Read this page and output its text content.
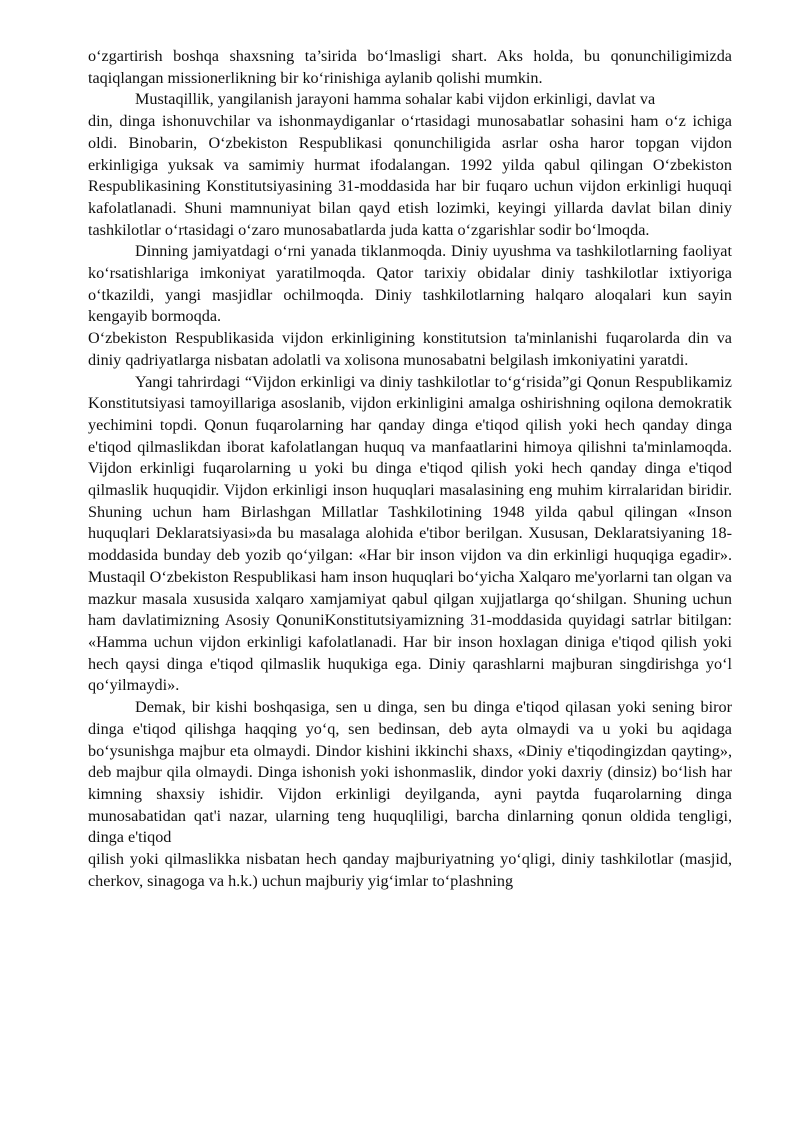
o‘zgartirish boshqa shaxsning ta’sirida bo‘lmasligi shart. Aks holda, bu qonunchiligimizda taqiqlangan missionerlikning bir ko‘rinishiga aylanib qolishi mumkin.

Mustaqillik, yangilanish jarayoni hamma sohalar kabi vijdon erkinligi, davlat va

din, dinga ishonuvchilar va ishonmaydiganlar o‘rtasidagi munosabatlar sohasini ham o‘z ichiga oldi. Binobarin, O‘zbekiston Respublikasi qonunchiligida asrlar osha haror topgan vijdon erkinligiga yuksak va samimiy hurmat ifodalangan. 1992 yilda qabul qilingan O‘zbekiston Respublikasining Konstitutsiyasining 31-moddasida har bir fuqaro uchun vijdon erkinligi huquqi kafolatlanadi. Shuni mamnuniyat bilan qayd etish lozimki, keyingi yillarda davlat bilan diniy tashkilotlar o‘rtasidagi o‘zaro munosabatlarda juda katta o‘zgarishlar sodir bo‘lmoqda.

Dinning jamiyatdagi o‘rni yanada tiklanmoqda. Diniy uyushma va tashkilotlarning faoliyat ko‘rsatishlariga imkoniyat yaratilmoqda. Qator tarixiy obidalar diniy tashkilotlar ixtiyoriga o‘tkazildi, yangi masjidlar ochilmoqda. Diniy tashkilotlarning halqaro aloqalari kun sayin kengayib bormoqda.

O‘zbekiston Respublikasida vijdon erkinligining konstitutsion ta'minlanishi fuqarolarda din va diniy qadriyatlarga nisbatan adolatli va xolisona munosabatni belgilash imkoniyatini yaratdi.

Yangi tahrirdagi “Vijdon erkinligi va diniy tashkilotlar to‘g‘risida”gi Qonun Respublikamiz Konstitutsiyasi tamoyillariga asoslanib, vijdon erkinligini amalga oshirishning oqilona demokratik yechimini topdi. Qonun fuqarolarning har qanday dinga e'tiqod qilish yoki hech qanday dinga e'tiqod qilmaslikdan iborat kafolatlangan huquq va manfaatlarini himoya qilishni ta'minlamoqda. Vijdon erkinligi fuqarolarning u yoki bu dinga e'tiqod qilish yoki hech qanday dinga e'tiqod qilmaslik huquqidir. Vijdon erkinligi inson huquqlari masalasining eng muhim kirralaridan biridir. Shuning uchun ham Birlashgan Millatlar Tashkilotining 1948 yilda qabul qilingan «Inson huquqlari Deklaratsiyasi»da bu masalaga alohida e'tibor berilgan. Xususan, Deklaratsiyaning 18-moddasida bunday deb yozib qo‘yilgan: «Har bir inson vijdon va din erkinligi huquqiga egadir». Mustaqil O‘zbekiston Respublikasi ham inson huquqlari bo‘yicha Xalqaro me'yorlarni tan olgan va mazkur masala xususida xalqaro xamjamiyat qabul qilgan xujjatlarga qo‘shilgan. Shuning uchun ham davlatimizning Asosiy QonuniKonstitutsiyamizning 31-moddasida quyidagi satrlar bitilgan: «Hamma uchun vijdon erkinligi kafolatlanadi. Har bir inson hoxlagan diniga e'tiqod qilish yoki hech qaysi dinga e'tiqod qilmaslik huqukiga ega. Diniy qarashlarni majburan singdirishga yo‘l qo‘yilmaydi».

Demak, bir kishi boshqasiga, sen u dinga, sen bu dinga e'tiqod qilasan yoki sening biror dinga e'tiqod qilishga haqqing yo‘q, sen bedinsan, deb ayta olmaydi va u yoki bu aqidaga bo‘ysunishga majbur eta olmaydi. Dindor kishini ikkinchi shaxs, «Diniy e'tiqodingizdan qayting», deb majbur qila olmaydi. Dinga ishonish yoki ishonmaslik, dindor yoki daxriy (dinsiz) bo‘lish har kimning shaxsiy ishidir. Vijdon erkinligi deyilganda, ayni paytda fuqarolarning dinga munosabatidan qat'i nazar, ularning teng huquqliligi, barcha dinlarning qonun oldida tengligi, dinga e'tiqod

qilish yoki qilmaslikka nisbatan hech qanday majburiyatning yo‘qligi, diniy tashkilotlar (masjid, cherkov, sinagoga va h.k.) uchun majburiy yig‘imlar to‘plashning
